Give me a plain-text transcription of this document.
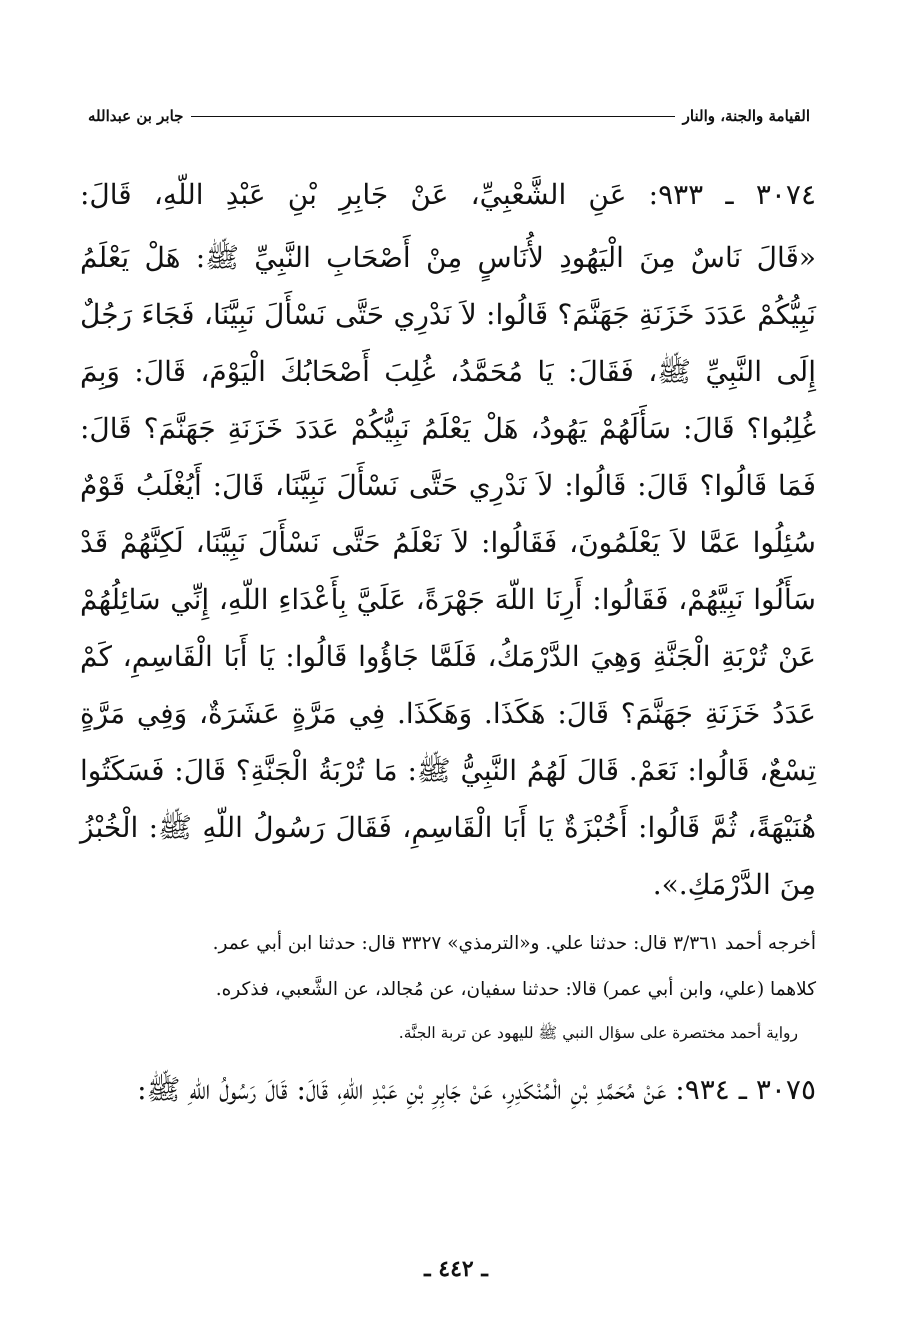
القيامة والجنة، والنار
جابر بن عبدالله

٣٠٧٤ ـ ٩٣٣: عَنِ الشَّعْبِيِّ، عَنْ جَابِرِ بْنِ عَبْدِ اللّهِ، قَالَ:

«قَالَ نَاسٌ مِنَ الْيَهُودِ لأُنَاسٍ مِنْ أَصْحَابِ النَّبِيِّ ﷺ: هَلْ يَعْلَمُ نَبِيُّكُمْ عَدَدَ خَزَنَةِ جَهَنَّمَ؟ قَالُوا: لاَ نَدْرِي حَتَّى نَسْأَلَ نَبِيَّنَا، فَجَاءَ رَجُلٌ إِلَى النَّبِيِّ ﷺ، فَقَالَ: يَا مُحَمَّدُ، غُلِبَ أَصْحَابُكَ الْيَوْمَ، قَالَ: وَبِمَ غُلِبُوا؟ قَالَ: سَأَلَهُمْ يَهُودُ، هَلْ يَعْلَمُ نَبِيُّكُمْ عَدَدَ خَزَنَةِ جَهَنَّمَ؟ قَالَ: فَمَا قَالُوا؟ قَالَ: قَالُوا: لاَ نَدْرِي حَتَّى نَسْأَلَ نَبِيَّنَا، قَالَ: أَيُغْلَبُ قَوْمٌ سُئِلُوا عَمَّا لاَ يَعْلَمُونَ، فَقَالُوا: لاَ نَعْلَمُ حَتَّى نَسْأَلَ نَبِيَّنَا، لَكِنَّهُمْ قَدْ سَأَلُوا نَبِيَّهُمْ، فَقَالُوا: أَرِنَا اللّهَ جَهْرَةً، عَلَيَّ بِأَعْدَاءِ اللّهِ، إِنِّي سَائِلُهُمْ عَنْ تُرْبَةِ الْجَنَّةِ وَهِيَ الدَّرْمَكُ، فَلَمَّا جَاؤُوا قَالُوا: يَا أَبَا الْقَاسِمِ، كَمْ عَدَدُ خَزَنَةِ جَهَنَّمَ؟ قَالَ: هَكَذَا. وَهَكَذَا. فِي مَرَّةٍ عَشَرَةٌ، وَفِي مَرَّةٍ تِسْعٌ، قَالُوا: نَعَمْ. قَالَ لَهُمُ النَّبِيُّ ﷺ: مَا تُرْبَةُ الْجَنَّةِ؟ قَالَ: فَسَكَتُوا هُنَيْهَةً، ثُمَّ قَالُوا: أَخُبْزَةٌ يَا أَبَا الْقَاسِمِ، فَقَالَ رَسُولُ اللّهِ ﷺ: الْخُبْزُ مِنَ الدَّرْمَكِ.».

أخرجه أحمد ٣/٣٦١ قال: حدثنا علي. و«الترمذي» ٣٣٢٧ قال: حدثنا ابن أبي عمر.

كلاهما (علي، وابن أبي عمر) قالا: حدثنا سفيان، عن مُجالد، عن الشَّعبي، فذكره.

رواية أحمد مختصرة على سؤال النبي ﷺ لليهود عن تربة الجنَّة.

٣٠٧٥ ـ ٩٣٤: عَنْ مُحَمَّدِ بْنِ الْمُنْكَدِرِ، عَنْ جَابِرِ بْنِ عَبْدِ اللّهِ، قَالَ: قَالَ رَسُولُ اللّهِ ﷺ:

ـ ٤٤٢ ـ
